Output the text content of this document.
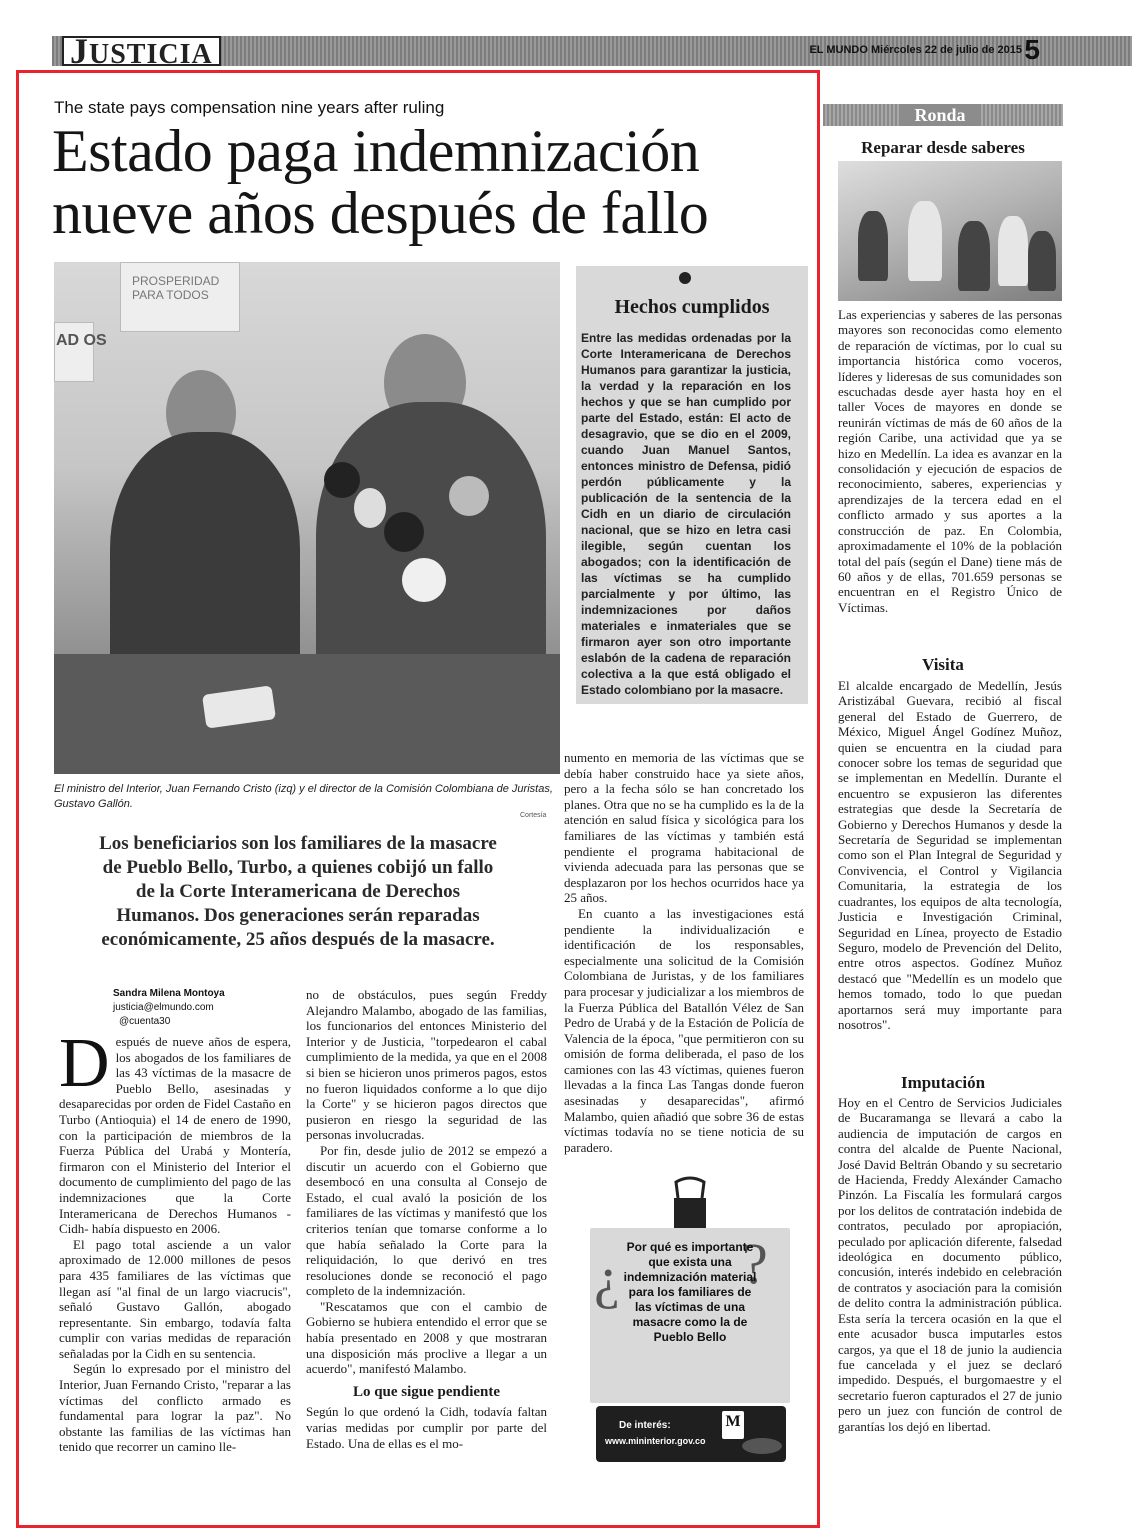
JUSTICIA	EL MUNDO Miércoles 22 de julio de 2015 5
The state pays compensation nine years after ruling
Estado paga indemnización nueve años después de fallo
PROSPERIDAD PARA TODOS
AD OS
El ministro del Interior, Juan Fernando Cristo (izq) y el director de la Comisión Colombiana de Juristas, Gustavo Gallón.
Cortesía
Hechos cumplidos
Entre las medidas ordenadas por la Corte Interamericana de Derechos Humanos para garantizar la justicia, la verdad y la reparación en los hechos y que se han cumplido por parte del Estado, están: El acto de desagravio, que se dio en el 2009, cuando Juan Manuel Santos, entonces ministro de Defensa, pidió perdón públicamente y la publicación de la sentencia de la Cidh en un diario de circulación nacional, que se hizo en letra casi ilegible, según cuentan los abogados; con la identificación de las víctimas se ha cumplido parcialmente y por último, las indemnizaciones por daños materiales e inmateriales que se firmaron ayer son otro importante eslabón de la cadena de reparación colectiva a la que está obligado el Estado colombiano por la masacre.
Los beneficiarios son los familiares de la masacre de Pueblo Bello, Turbo, a quienes cobijó un fallo de la Corte Interamericana de Derechos Humanos. Dos generaciones serán reparadas económicamente, 25 años después de la masacre.
Sandra Milena Montoya
justicia@elmundo.com
@cuenta30

Después de nueve años de espera, los abogados de los familiares de las 43 víctimas de la masacre de Pueblo Bello, asesinadas y desaparecidas por orden de Fidel Castaño en Turbo (Antioquia) el 14 de enero de 1990, con la participación de miembros de la Fuerza Pública del Urabá y Montería, firmaron con el Ministerio del Interior el documento de cumplimiento del pago de las indemnizaciones que la Corte Interamericana de Derechos Humanos -Cidh- había dispuesto en 2006.

El pago total asciende a un valor aproximado de 12.000 millones de pesos para 435 familiares de las víctimas que llegan así "al final de un largo viacrucis", señaló Gustavo Gallón, abogado representante. Sin embargo, todavía falta cumplir con varias medidas de reparación señaladas por la Cidh en su sentencia.

Según lo expresado por el ministro del Interior, Juan Fernando Cristo, "reparar a las víctimas del conflicto armado es fundamental para lograr la paz". No obstante las familias de las víctimas han tenido que recorrer un camino lle-

no de obstáculos, pues según Freddy Alejandro Malambo, abogado de las familias, los funcionarios del entonces Ministerio del Interior y de Justicia, "torpedearon el cabal cumplimiento de la medida, ya que en el 2008 si bien se hicieron unos primeros pagos, estos no fueron liquidados conforme a lo que dijo la Corte" y se hicieron pagos directos que pusieron en riesgo la seguridad de las personas involucradas.

Por fin, desde julio de 2012 se empezó a discutir un acuerdo con el Gobierno que desembocó en una consulta al Consejo de Estado, el cual avaló la posición de los familiares de las víctimas y manifestó que los criterios tenían que tomarse conforme a lo que había señalado la Corte para la reliquidación, lo que derivó en tres resoluciones donde se reconoció el pago completo de la indemnización.

"Rescatamos que con el cambio de Gobierno se hubiera entendido el error que se había presentado en 2008 y que mostraran una disposición más proclive a llegar a un acuerdo", manifestó Malambo.

Lo que sigue pendiente

Según lo que ordenó la Cidh, todavía faltan varias medidas por cumplir por parte del Estado. Una de ellas es el mo-

numento en memoria de las víctimas que se debía haber construido hace ya siete años, pero a la fecha sólo se han concretado los planes. Otra que no se ha cumplido es la de la atención en salud física y sicológica para los familiares de las víctimas y también está pendiente el programa habitacional de vivienda adecuada para las personas que se desplazaron por los hechos ocurridos hace ya 25 años.

En cuanto a las investigaciones está pendiente la individualización e identificación de los responsables, especialmente una solicitud de la Comisión Colombiana de Juristas, y de los familiares para procesar y judicializar a los miembros de la Fuerza Pública del Batallón Vélez de San Pedro de Urabá y de la Estación de Policía de Valencia de la época, "que permitieron con su omisión de forma deliberada, el paso de los camiones con las 43 víctimas, quienes fueron llevadas a la finca Las Tangas donde fueron asesinadas y desaparecidas", afirmó Malambo, quien añadió que sobre 36 de estas víctimas todavía no se tiene noticia de su paradero.

¿ ?
Por qué es importante que exista una indemnización material para los familiares de las víctimas de una masacre como la de Pueblo Bello
De interés:
www.mininterior.gov.co
M
Ronda
Reparar desde saberes
Las experiencias y saberes de las personas mayores son reconocidas como elemento de reparación de víctimas, por lo cual su importancia histórica como voceros, líderes y lideresas de sus comunidades son escuchadas desde ayer hasta hoy en el taller Voces de mayores en donde se reunirán víctimas de más de 60 años de la región Caribe, una actividad que ya se hizo en Medellín. La idea es avanzar en la consolidación y ejecución de espacios de reconocimiento, saberes, experiencias y aprendizajes de la tercera edad en el conflicto armado y sus aportes a la construcción de paz. En Colombia, aproximadamente el 10% de la población total del país (según el Dane) tiene más de 60 años y de ellas, 701.659 personas se encuentran en el Registro Único de Víctimas.
Visita
El alcalde encargado de Medellín, Jesús Aristizábal Guevara, recibió al fiscal general del Estado de Guerrero, de México, Miguel Ángel Godínez Muñoz, quien se encuentra en la ciudad para conocer sobre los temas de seguridad que se implementan en Medellín. Durante el encuentro se expusieron las diferentes estrategias que desde la Secretaría de Gobierno y Derechos Humanos y desde la Secretaría de Seguridad se implementan como son el Plan Integral de Seguridad y Convivencia, el Control y Vigilancia Comunitaria, la estrategia de los cuadrantes, los equipos de alta tecnología, Justicia e Investigación Criminal, Seguridad en Línea, proyecto de Estadio Seguro, modelo de Prevención del Delito, entre otros aspectos. Godínez Muñoz destacó que "Medellín es un modelo que hemos tomado, todo lo que puedan aportarnos será muy importante para nosotros".
Imputación
Hoy en el Centro de Servicios Judiciales de Bucaramanga se llevará a cabo la audiencia de imputación de cargos en contra del alcalde de Puente Nacional, José David Beltrán Obando y su secretario de Hacienda, Freddy Alexánder Camacho Pinzón. La Fiscalía les formulará cargos por los delitos de contratación indebida de contratos, peculado por apropiación, peculado por aplicación diferente, falsedad ideológica en documento público, concusión, interés indebido en celebración de contratos y asociación para la comisión de delito contra la administración pública. Esta sería la tercera ocasión en la que el ente acusador busca imputarles estos cargos, ya que el 18 de junio la audiencia fue cancelada y el juez se declaró impedido. Después, el burgomaestre y el secretario fueron capturados el 27 de junio pero un juez con función de control de garantías los dejó en libertad.
